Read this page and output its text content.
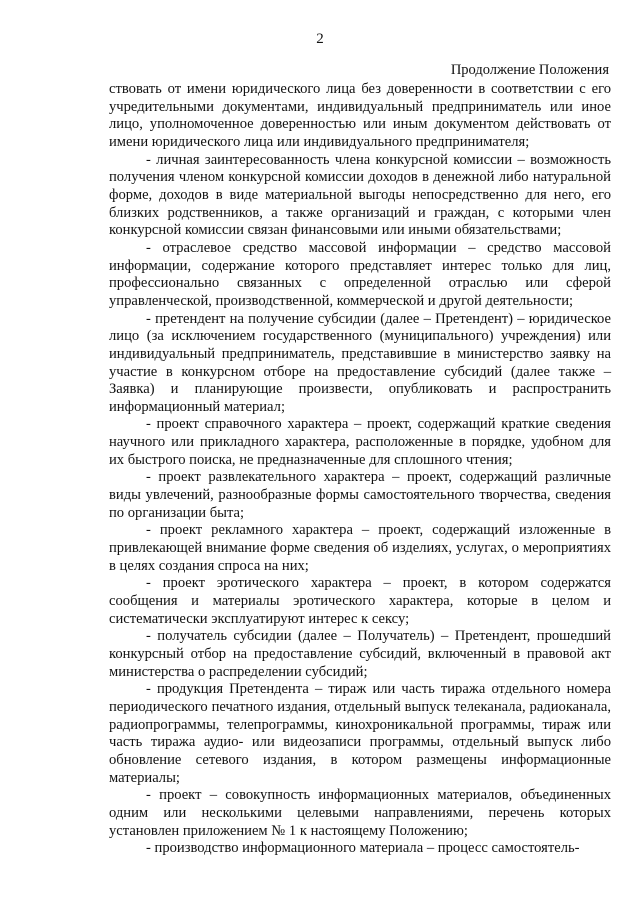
2
Продолжение Положения

ствовать от имени юридического лица без доверенности в соответствии с его учредительными документами, индивидуальный предприниматель или иное лицо, уполномоченное доверенностью или иным документом действовать от имени юридического лица или индивидуального предпринимателя;

- личная заинтересованность члена конкурсной комиссии – возможность получения членом конкурсной комиссии доходов в денежной либо натуральной форме, доходов в виде материальной выгоды непосредственно для него, его близких родственников, а также организаций и граждан, с которыми член конкурсной комиссии связан финансовыми или иными обязательствами;

- отраслевое средство массовой информации – средство массовой информации, содержание которого представляет интерес только для лиц, профессионально связанных с определенной отраслью или сферой управленческой, производственной, коммерческой и другой деятельности;

- претендент на получение субсидии (далее – Претендент) – юридическое лицо (за исключением государственного (муниципального) учреждения) или индивидуальный предприниматель, представившие в министерство заявку на участие в конкурсном отборе на предоставление субсидий (далее также – Заявка) и планирующие произвести, опубликовать и распространить информационный материал;

- проект справочного характера – проект, содержащий краткие сведения научного или прикладного характера, расположенные в порядке, удобном для их быстрого поиска, не предназначенные для сплошного чтения;

- проект развлекательного характера – проект, содержащий различные виды увлечений, разнообразные формы самостоятельного творчества, сведения по организации быта;

- проект рекламного характера – проект, содержащий изложенные в привлекающей внимание форме сведения об изделиях, услугах, о мероприятиях в целях создания спроса на них;

- проект эротического характера – проект, в котором содержатся сообщения и материалы эротического характера, которые в целом и систематически эксплуатируют интерес к сексу;

- получатель субсидии (далее – Получатель) – Претендент, прошедший конкурсный отбор на предоставление субсидий, включенный в правовой акт министерства о распределении субсидий;

- продукция Претендента – тираж или часть тиража отдельного номера периодического печатного издания, отдельный выпуск телеканала, радиоканала, радиопрограммы, телепрограммы, кинохроникальной программы, тираж или часть тиража аудио- или видеозаписи программы, отдельный выпуск либо обновление сетевого издания, в котором размещены информационные материалы;

- проект – совокупность информационных материалов, объединенных одним или несколькими целевыми направлениями, перечень которых установлен приложением № 1 к настоящему Положению;

- производство информационного материала – процесс самостоятель-
